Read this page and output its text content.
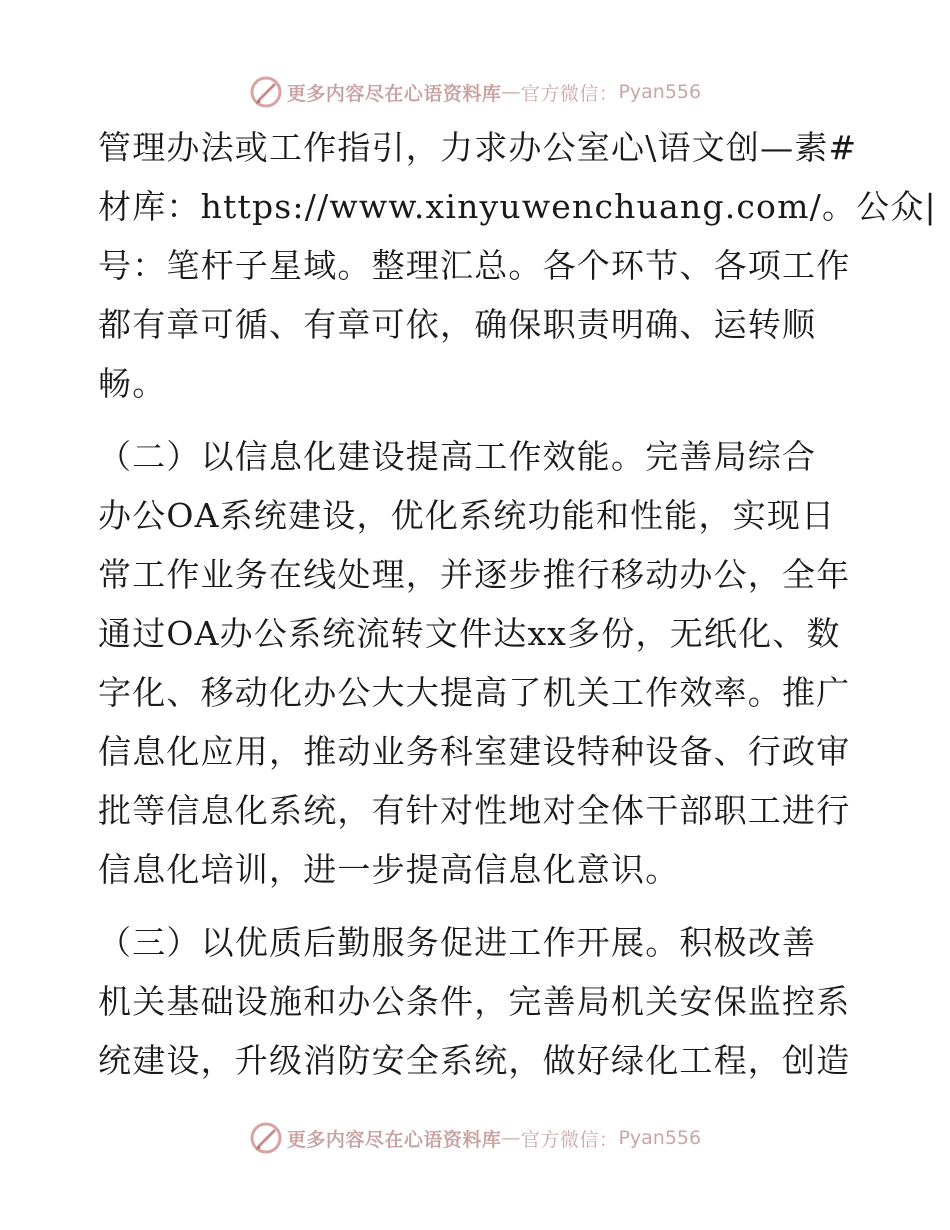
更多内容尽在心语资料库 — 官方微信： Pyan556

管理办法或工作指引，力求办公室心\语文创—素#
材库：https://www.xinyuwenchuang.com/。公众|
号：笔杆子星域。整理汇总。各个环节、各项工作
都有章可循、有章可依，确保职责明确、运转顺
畅。

（二）以信息化建设提高工作效能。完善局综合
办公OA系统建设，优化系统功能和性能，实现日
常工作业务在线处理，并逐步推行移动办公，全年
通过OA办公系统流转文件达xx多份，无纸化、数
字化、移动化办公大大提高了机关工作效率。推广
信息化应用，推动业务科室建设特种设备、行政审
批等信息化系统，有针对性地对全体干部职工进行
信息化培训，进一步提高信息化意识。

（三）以优质后勤服务促进工作开展。积极改善
机关基础设施和办公条件，完善局机关安保监控系
统建设，升级消防安全系统，做好绿化工程，创造

更多内容尽在心语资料库 — 官方微信： Pyan556
